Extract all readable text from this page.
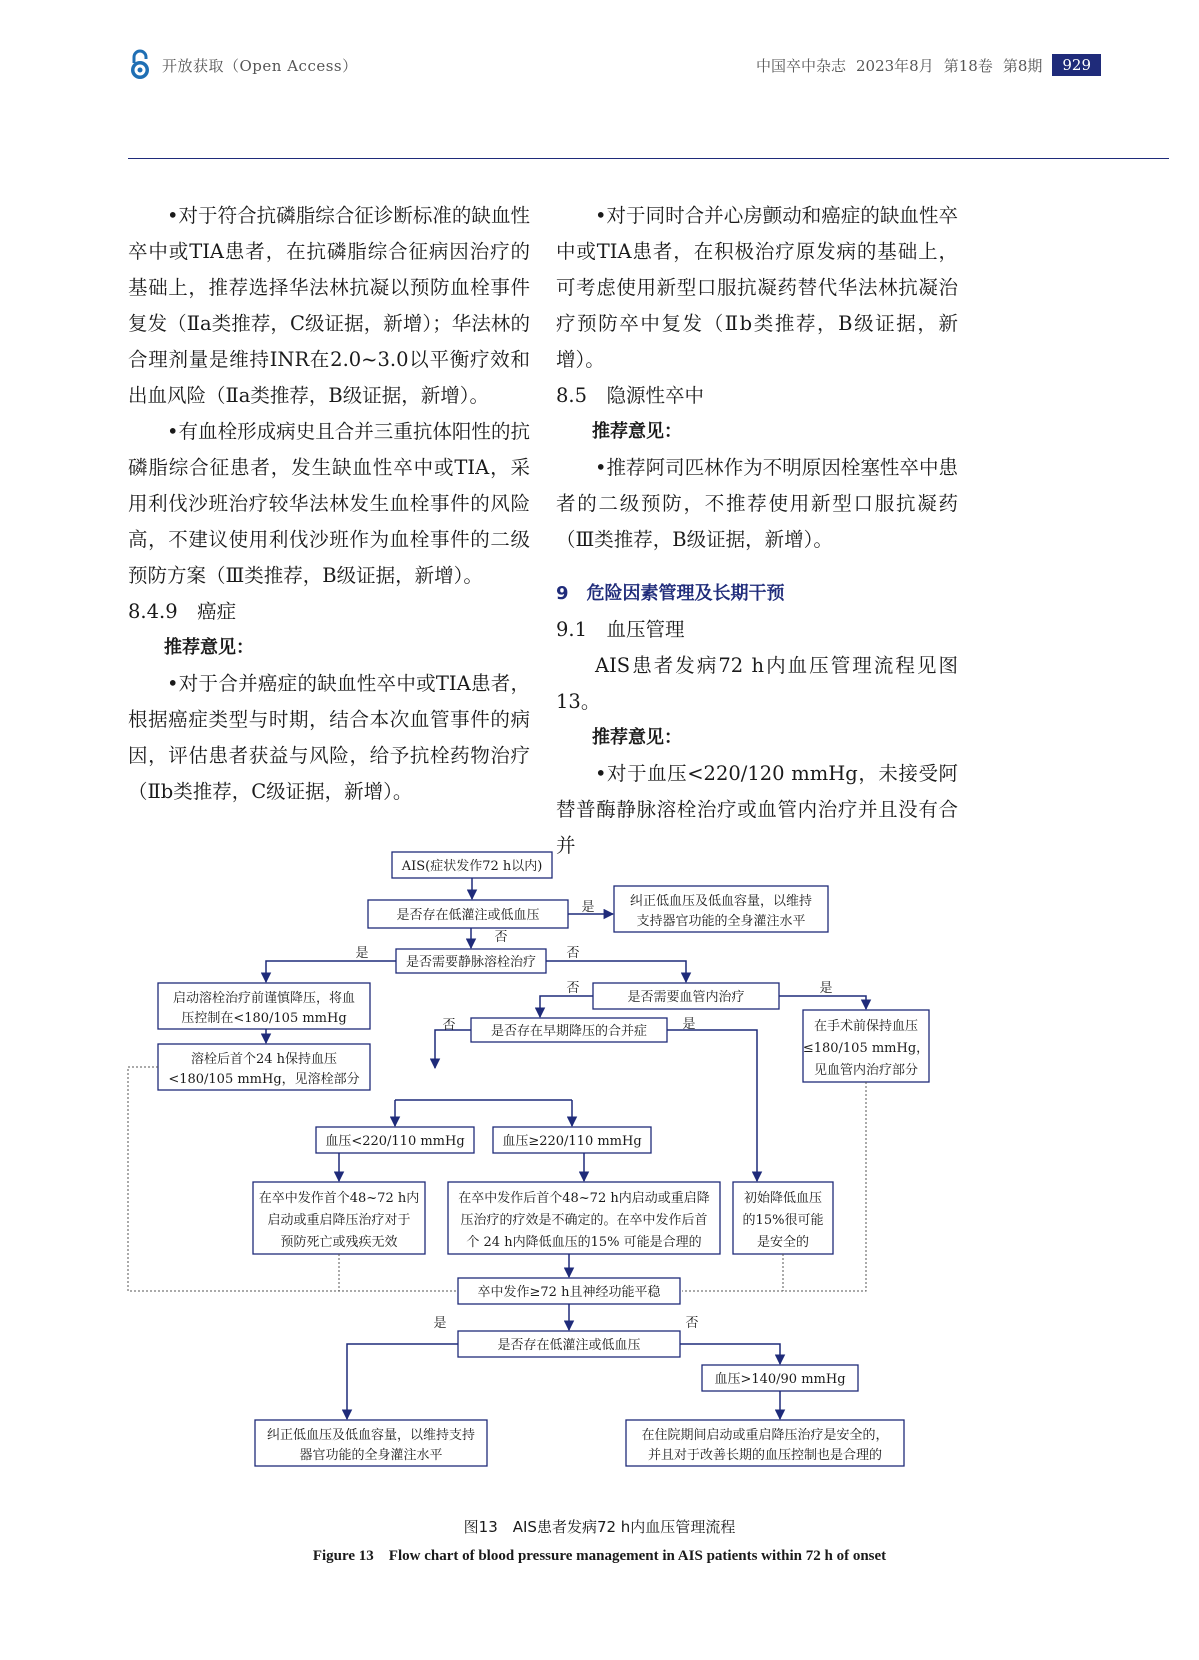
开放获取（Open Access）	中国卒中杂志 2023年8月 第18卷 第8期	929

•对于符合抗磷脂综合征诊断标准的缺血性卒中或TIA患者，在抗磷脂综合征病因治疗的基础上，推荐选择华法林抗凝以预防血栓事件复发（Ⅱa类推荐，C级证据，新增）；华法林的合理剂量是维持INR在2.0~3.0以平衡疗效和出血风险（Ⅱa类推荐，B级证据，新增）。

•有血栓形成病史且合并三重抗体阳性的抗磷脂综合征患者，发生缺血性卒中或TIA，采用利伐沙班治疗较华法林发生血栓事件的风险高，不建议使用利伐沙班作为血栓事件的二级预防方案（Ⅲ类推荐，B级证据，新增）。

8.4.9　癌症

推荐意见：

•对于合并癌症的缺血性卒中或TIA患者，根据癌症类型与时期，结合本次血管事件的病因，评估患者获益与风险，给予抗栓药物治疗（Ⅱb类推荐，C级证据，新增）。

•对于同时合并心房颤动和癌症的缺血性卒中或TIA患者，在积极治疗原发病的基础上，可考虑使用新型口服抗凝药替代华法林抗凝治疗预防卒中复发（Ⅱb类推荐，B级证据，新增）。

8.5　隐源性卒中

推荐意见：

•推荐阿司匹林作为不明原因栓塞性卒中患者的二级预防，不推荐使用新型口服抗凝药（Ⅲ类推荐，B级证据，新增）。

9　危险因素管理及长期干预

9.1　血压管理

AIS患者发病72 h内血压管理流程见图13。

推荐意见：

•对于血压<220/120 mmHg，未接受阿替普酶静脉溶栓治疗或血管内治疗并且没有合并

AIS(症状发作72 h以内)
是否存在低灌注或低血压
纠正低血压及低血容量，以维持
支持器官功能的全身灌注水平
是否需要静脉溶栓治疗
启动溶栓治疗前谨慎降压，将血
压控制在<180/105 mmHg
是否需要血管内治疗
是否存在早期降压的合并症	在手术前保持血压
≤180/105 mmHg，
见血管内治疗部分
溶栓后首个24 h保持血压
<180/105 mmHg，见溶栓部分
血压<220/110 mmHg	血压≥220/110 mmHg
在卒中发作首个48~72 h内
启动或重启降压治疗对于
预防死亡或残疾无效
在卒中发作后首个48~72 h内启动或重启降
压治疗的疗效是不确定的。在卒中发作后首
个 24 h内降低血压的15% 可能是合理的
初始降低血压
的15%很可能
是安全的
卒中发作≥72 h且神经功能平稳
是否存在低灌注或低血压
血压>140/90 mmHg
纠正低血压及低血容量，以维持支持
器官功能的全身灌注水平
在住院期间启动或重启降压治疗是安全的，
并且对于改善长期的血压控制也是合理的
是
否
是	否
否	是
否	是
是	否
图13　AIS患者发病72 h内血压管理流程
Figure 13　Flow chart of blood pressure management in AIS patients within 72 h of onset
